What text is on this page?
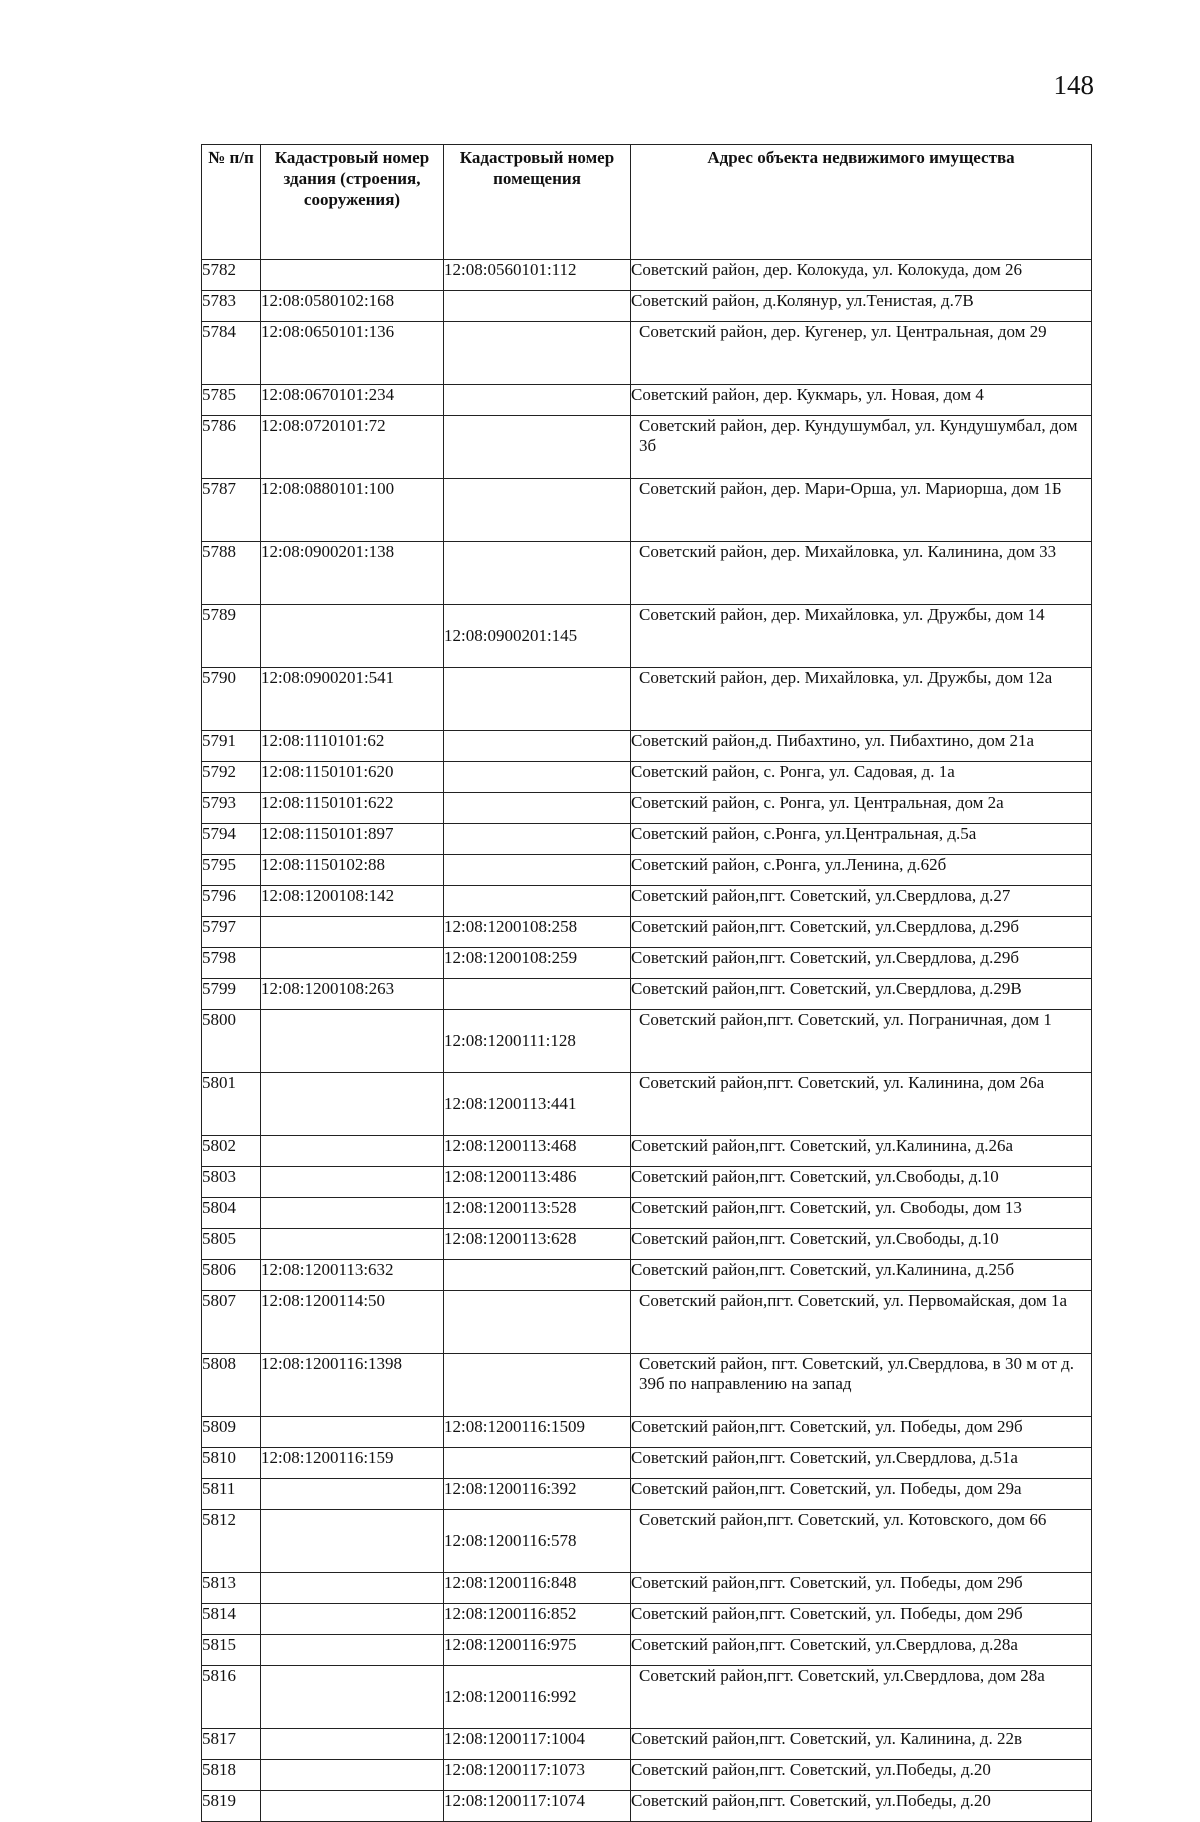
148
№ п/п	Кадастровый номер здания (строения, сооружения)	Кадастровый номер помещения	Адрес объекта недвижимого имущества
5782		12:08:0560101:112	Советский район, дер. Колокуда, ул. Колокуда, дом 26
5783	12:08:0580102:168		Советский район, д.Колянур, ул.Тенистая, д.7В
5784	12:08:0650101:136		Советский район, дер. Кугенер, ул. Центральная, дом 29
5785	12:08:0670101:234		Советский район, дер. Кукмарь, ул. Новая, дом 4
5786	12:08:0720101:72		Советский район, дер. Кундушумбал, ул. Кундушумбал, дом 3б
5787	12:08:0880101:100		Советский район, дер. Мари-Орша, ул. Мариорша, дом 1Б
5788	12:08:0900201:138		Советский район, дер. Михайловка, ул. Калинина, дом 33
5789		12:08:0900201:145	Советский район, дер. Михайловка, ул. Дружбы, дом 14
5790	12:08:0900201:541		Советский район, дер. Михайловка, ул. Дружбы, дом 12а
5791	12:08:1110101:62		Советский район,д. Пибахтино, ул. Пибахтино, дом 21а
5792	12:08:1150101:620		Советский район, с. Ронга, ул. Садовая, д. 1а
5793	12:08:1150101:622		Советский район, с. Ронга, ул. Центральная, дом 2а
5794	12:08:1150101:897		Советский район, с.Ронга, ул.Центральная, д.5а
5795	12:08:1150102:88		Советский район, с.Ронга, ул.Ленина, д.62б
5796	12:08:1200108:142		Советский район,пгт. Советский, ул.Свердлова, д.27
5797		12:08:1200108:258	Советский район,пгт. Советский, ул.Свердлова, д.29б
5798		12:08:1200108:259	Советский район,пгт. Советский, ул.Свердлова, д.29б
5799	12:08:1200108:263		Советский район,пгт. Советский, ул.Свердлова, д.29В
5800		12:08:1200111:128	Советский район,пгт. Советский, ул. Пограничная, дом 1
5801		12:08:1200113:441	Советский район,пгт. Советский, ул. Калинина, дом 26а
5802		12:08:1200113:468	Советский район,пгт. Советский, ул.Калинина, д.26а
5803		12:08:1200113:486	Советский район,пгт. Советский, ул.Свободы, д.10
5804		12:08:1200113:528	Советский район,пгт. Советский, ул. Свободы, дом 13
5805		12:08:1200113:628	Советский район,пгт. Советский, ул.Свободы, д.10
5806	12:08:1200113:632		Советский район,пгт. Советский, ул.Калинина, д.25б
5807	12:08:1200114:50		Советский район,пгт. Советский, ул. Первомайская, дом 1а
5808	12:08:1200116:1398		Советский район, пгт. Советский, ул.Свердлова, в 30 м от д. 39б по направлению на запад
5809		12:08:1200116:1509	Советский район,пгт. Советский, ул. Победы, дом 29б
5810	12:08:1200116:159		Советский район,пгт. Советский, ул.Свердлова, д.51а
5811		12:08:1200116:392	Советский район,пгт. Советский, ул. Победы, дом 29а
5812		12:08:1200116:578	Советский район,пгт. Советский, ул. Котовского, дом 66
5813		12:08:1200116:848	Советский район,пгт. Советский, ул. Победы, дом 29б
5814		12:08:1200116:852	Советский район,пгт. Советский, ул. Победы, дом 29б
5815		12:08:1200116:975	Советский район,пгт. Советский, ул.Свердлова, д.28а
5816		12:08:1200116:992	Советский район,пгт. Советский, ул.Свердлова, дом 28а
5817		12:08:1200117:1004	Советский район,пгт. Советский, ул. Калинина, д. 22в
5818		12:08:1200117:1073	Советский район,пгт. Советский, ул.Победы, д.20
5819		12:08:1200117:1074	Советский район,пгт. Советский, ул.Победы, д.20
